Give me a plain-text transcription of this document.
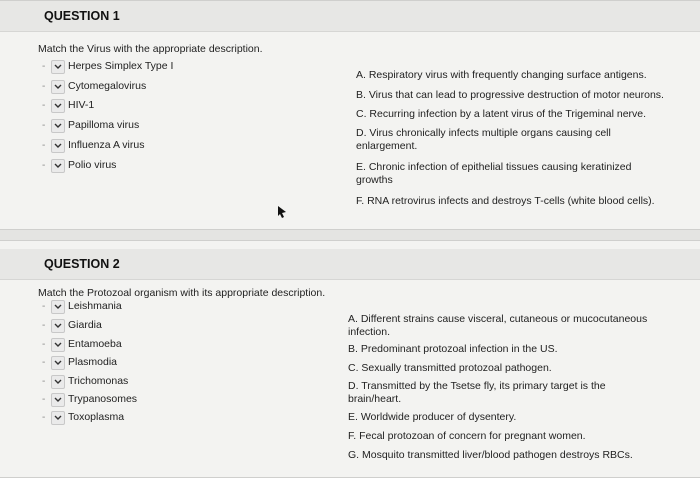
QUESTION 1
Match the Virus with the appropriate description.
- Herpes Simplex Type I
- Cytomegalovirus
- HIV-1
- Papilloma virus
- Influenza A virus
- Polio virus
A. Respiratory virus with frequently changing surface antigens.
B. Virus that can lead to progressive destruction of motor neurons.
C. Recurring infection by a latent virus of the Trigeminal nerve.
D. Virus chronically infects multiple organs causing cell enlargement.
E. Chronic infection of epithelial tissues causing keratinized growths
F. RNA retrovirus infects and destroys T-cells (white blood cells).
QUESTION 2
Match the Protozoal organism with its appropriate description.
- Leishmania
- Giardia
- Entamoeba
- Plasmodia
- Trichomonas
- Trypanosomes
- Toxoplasma
A. Different strains cause visceral, cutaneous or mucocutaneous infection.
B. Predominant protozoal infection in the US.
C. Sexually transmitted protozoal pathogen.
D. Transmitted by the Tsetse fly, its primary target is the brain/heart.
E. Worldwide producer of dysentery.
F. Fecal protozoan of concern for pregnant women.
G. Mosquito transmitted liver/blood pathogen destroys RBCs.
